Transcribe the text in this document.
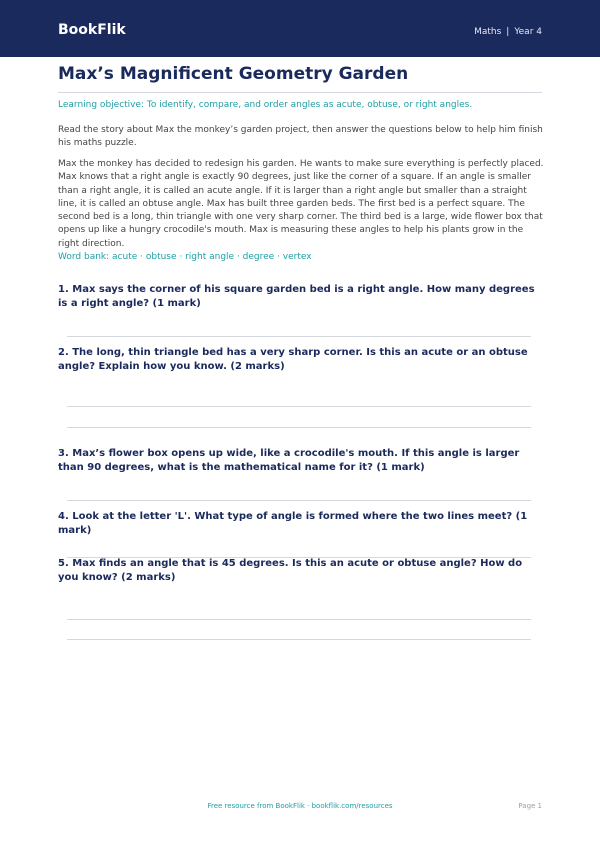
BookFlik	Maths | Year 4
Max’s Magnificent Geometry Garden
Learning objective: To identify, compare, and order angles as acute, obtuse, or right angles.

Read the story about Max the monkey’s garden project, then answer the questions below to help him finish his maths puzzle.

Max the monkey has decided to redesign his garden. He wants to make sure everything is perfectly placed. Max knows that a right angle is exactly 90 degrees, just like the corner of a square. If an angle is smaller than a right angle, it is called an acute angle. If it is larger than a right angle but smaller than a straight line, it is called an obtuse angle. Max has built three garden beds. The first bed is a perfect square. The second bed is a long, thin triangle with one very sharp corner. The third bed is a large, wide flower box that opens up like a hungry crocodile's mouth. Max is measuring these angles to help his plants grow in the right direction.

Word bank: acute · obtuse · right angle · degree · vertex

1. Max says the corner of his square garden bed is a right angle. How many degrees is a right angle? (1 mark)

2. The long, thin triangle bed has a very sharp corner. Is this an acute or an obtuse angle? Explain how you know. (2 marks)

3. Max’s flower box opens up wide, like a crocodile's mouth. If this angle is larger than 90 degrees, what is the mathematical name for it? (1 mark)

4. Look at the letter 'L'. What type of angle is formed where the two lines meet? (1 mark)

5. Max finds an angle that is 45 degrees. Is this an acute or obtuse angle? How do you know? (2 marks)

Free resource from BookFlik · bookflik.com/resources	Page 1
